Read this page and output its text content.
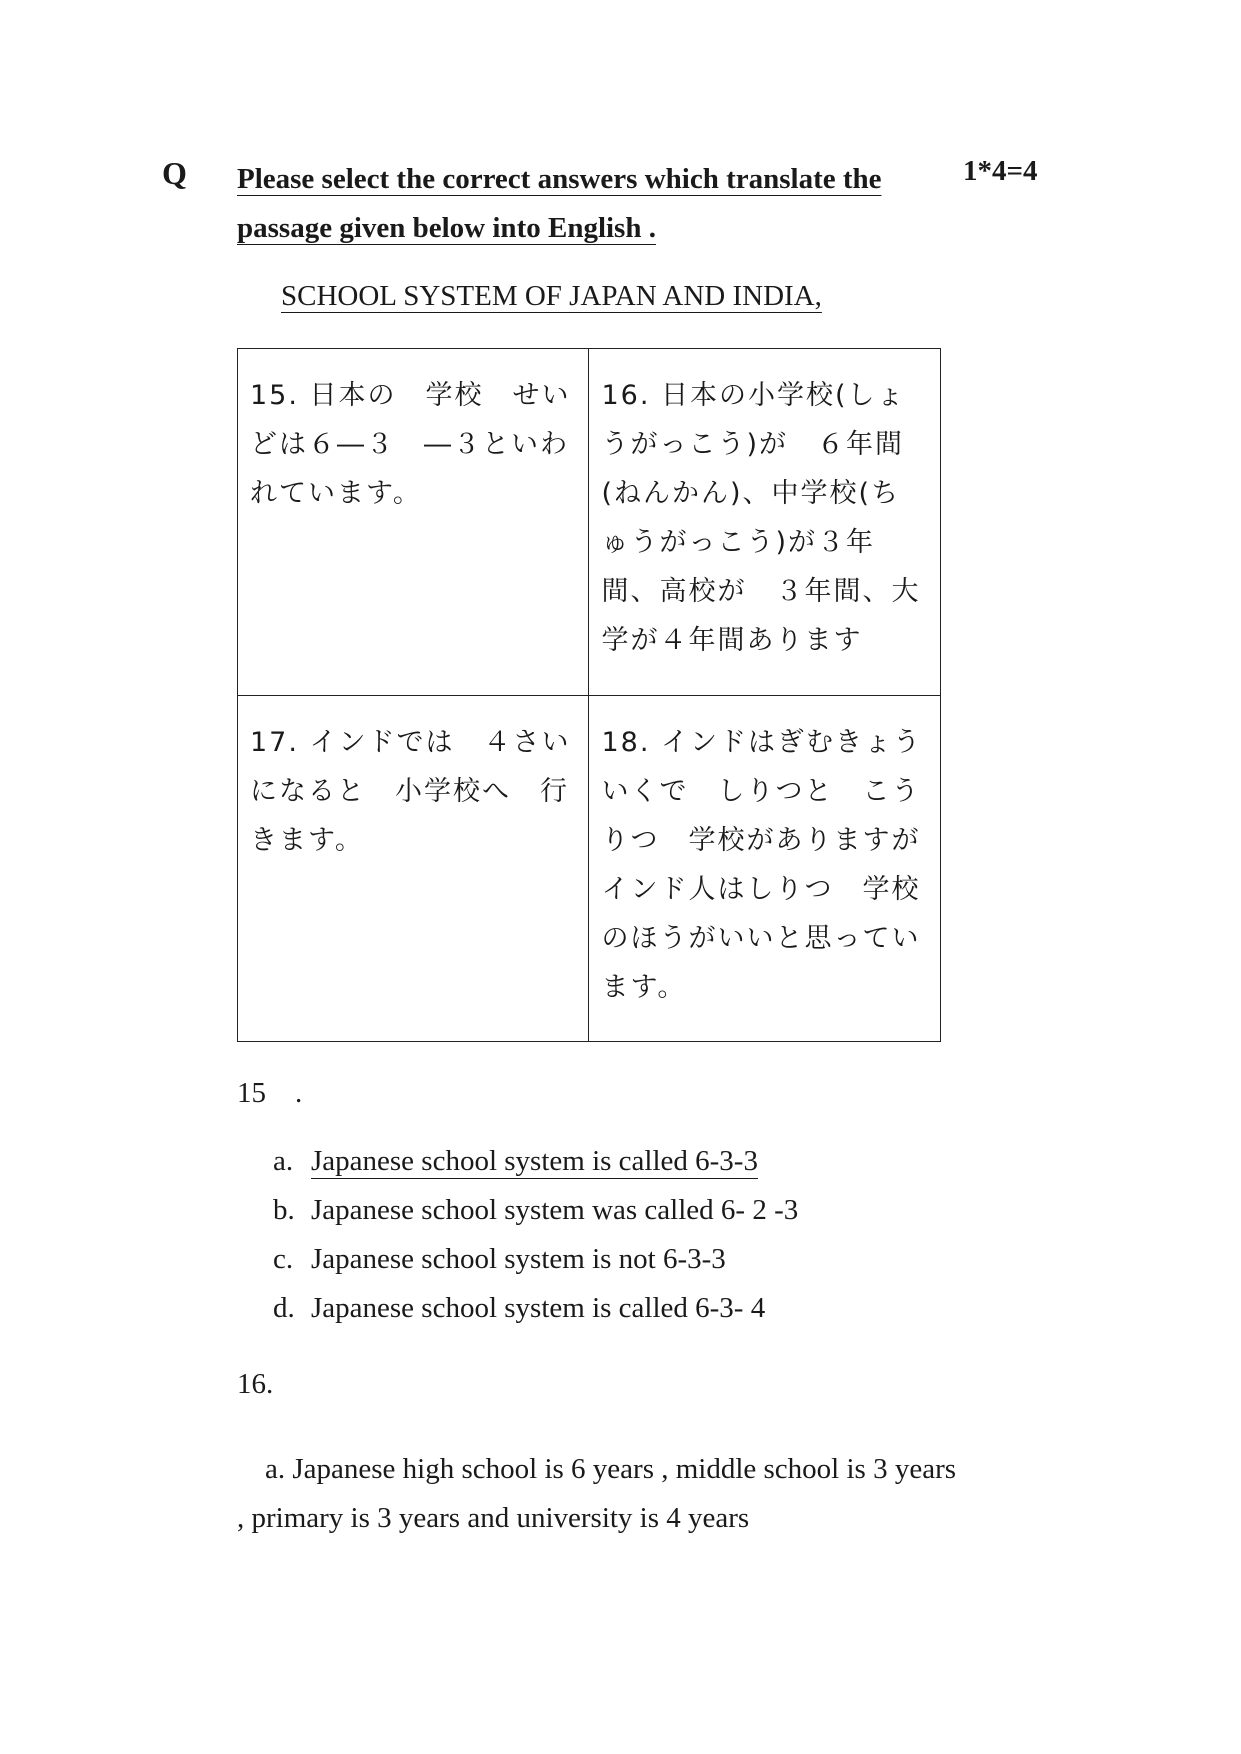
Q Please select the correct answers which translate the
passage given below into English .
1*4=4
SCHOOL SYSTEM OF JAPAN AND INDIA,
15. 日本の　学校　せいどは６―３　―３といわれています。	16. 日本の小学校(しょうがっこう)が　６年間(ねんかん)、中学校(ちゅうがっこう)が３年間、高校が　３年間、大学が４年間あります
17. インドでは　４さいになると　小学校へ　行きます。	18. インドはぎむきょういくで　しりつと　こうりつ　学校がありますがインド人はしりつ　学校のほうがいいと思っています。
15　.
a. Japanese school system is called 6-3-3
b. Japanese school system was called 6- 2 -3
c. Japanese school system is not 6-3-3
d. Japanese school system is called 6-3- 4
16.
a. Japanese high school is 6 years , middle school is 3 years , primary is 3 years and university is 4 years
